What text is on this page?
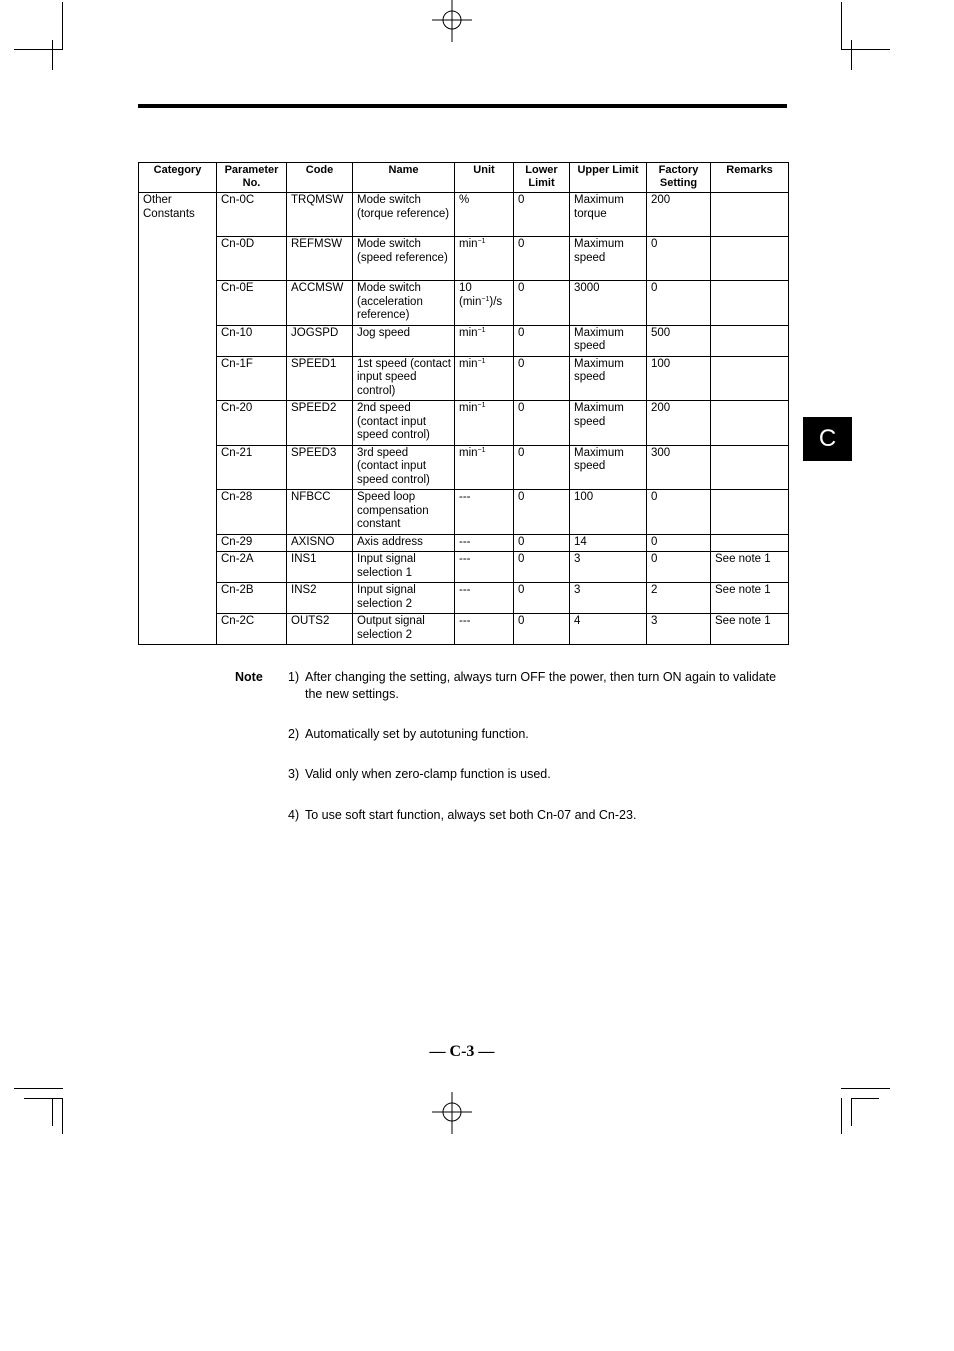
C
Category	Parameter No.	Code	Name	Unit	Lower Limit	Upper Limit	Factory Setting	Remarks
Other Constants	Cn-0C	TRQMSW	Mode switch (torque reference)	%	0	Maximum torque	200	
	Cn-0D	REFMSW	Mode switch (speed reference)	$\min^{-1}$	0	Maximum speed	0	
	Cn-0E	ACCMSW	Mode switch (acceleration reference)	10 $(\min^{-1})/s$	0	3000	0	
	Cn-10	JOGSPD	Jog speed	$\min^{-1}$	0	Maximum speed	500	
	Cn-1F	SPEED1	1st speed (contact input speed control)	$\min^{-1}$	0	Maximum speed	100	
	Cn-20	SPEED2	2nd speed (contact input speed control)	$\min^{-1}$	0	Maximum speed	200	
	Cn-21	SPEED3	3rd speed (contact input speed control)	$\min^{-1}$	0	Maximum speed	300	
	Cn-28	NFBCC	Speed loop compensation constant	---	0	100	0	
	Cn-29	AXISNO	Axis address	---	0	14	0	
	Cn-2A	INS1	Input signal selection 1	---	0	3	0	See note 1
	Cn-2B	INS2	Input signal selection 2	---	0	3	2	See note 1
	Cn-2C	OUTS2	Output signal selection 2	---	0	4	3	See note 1
Note 1) After changing the setting, always turn OFF the power, then turn ON again to validate the new settings.
2) Automatically set by autotuning function.
3) Valid only when zero-clamp function is used.
4) To use soft start function, always set both Cn-07 and Cn-23.
— C-3 —
